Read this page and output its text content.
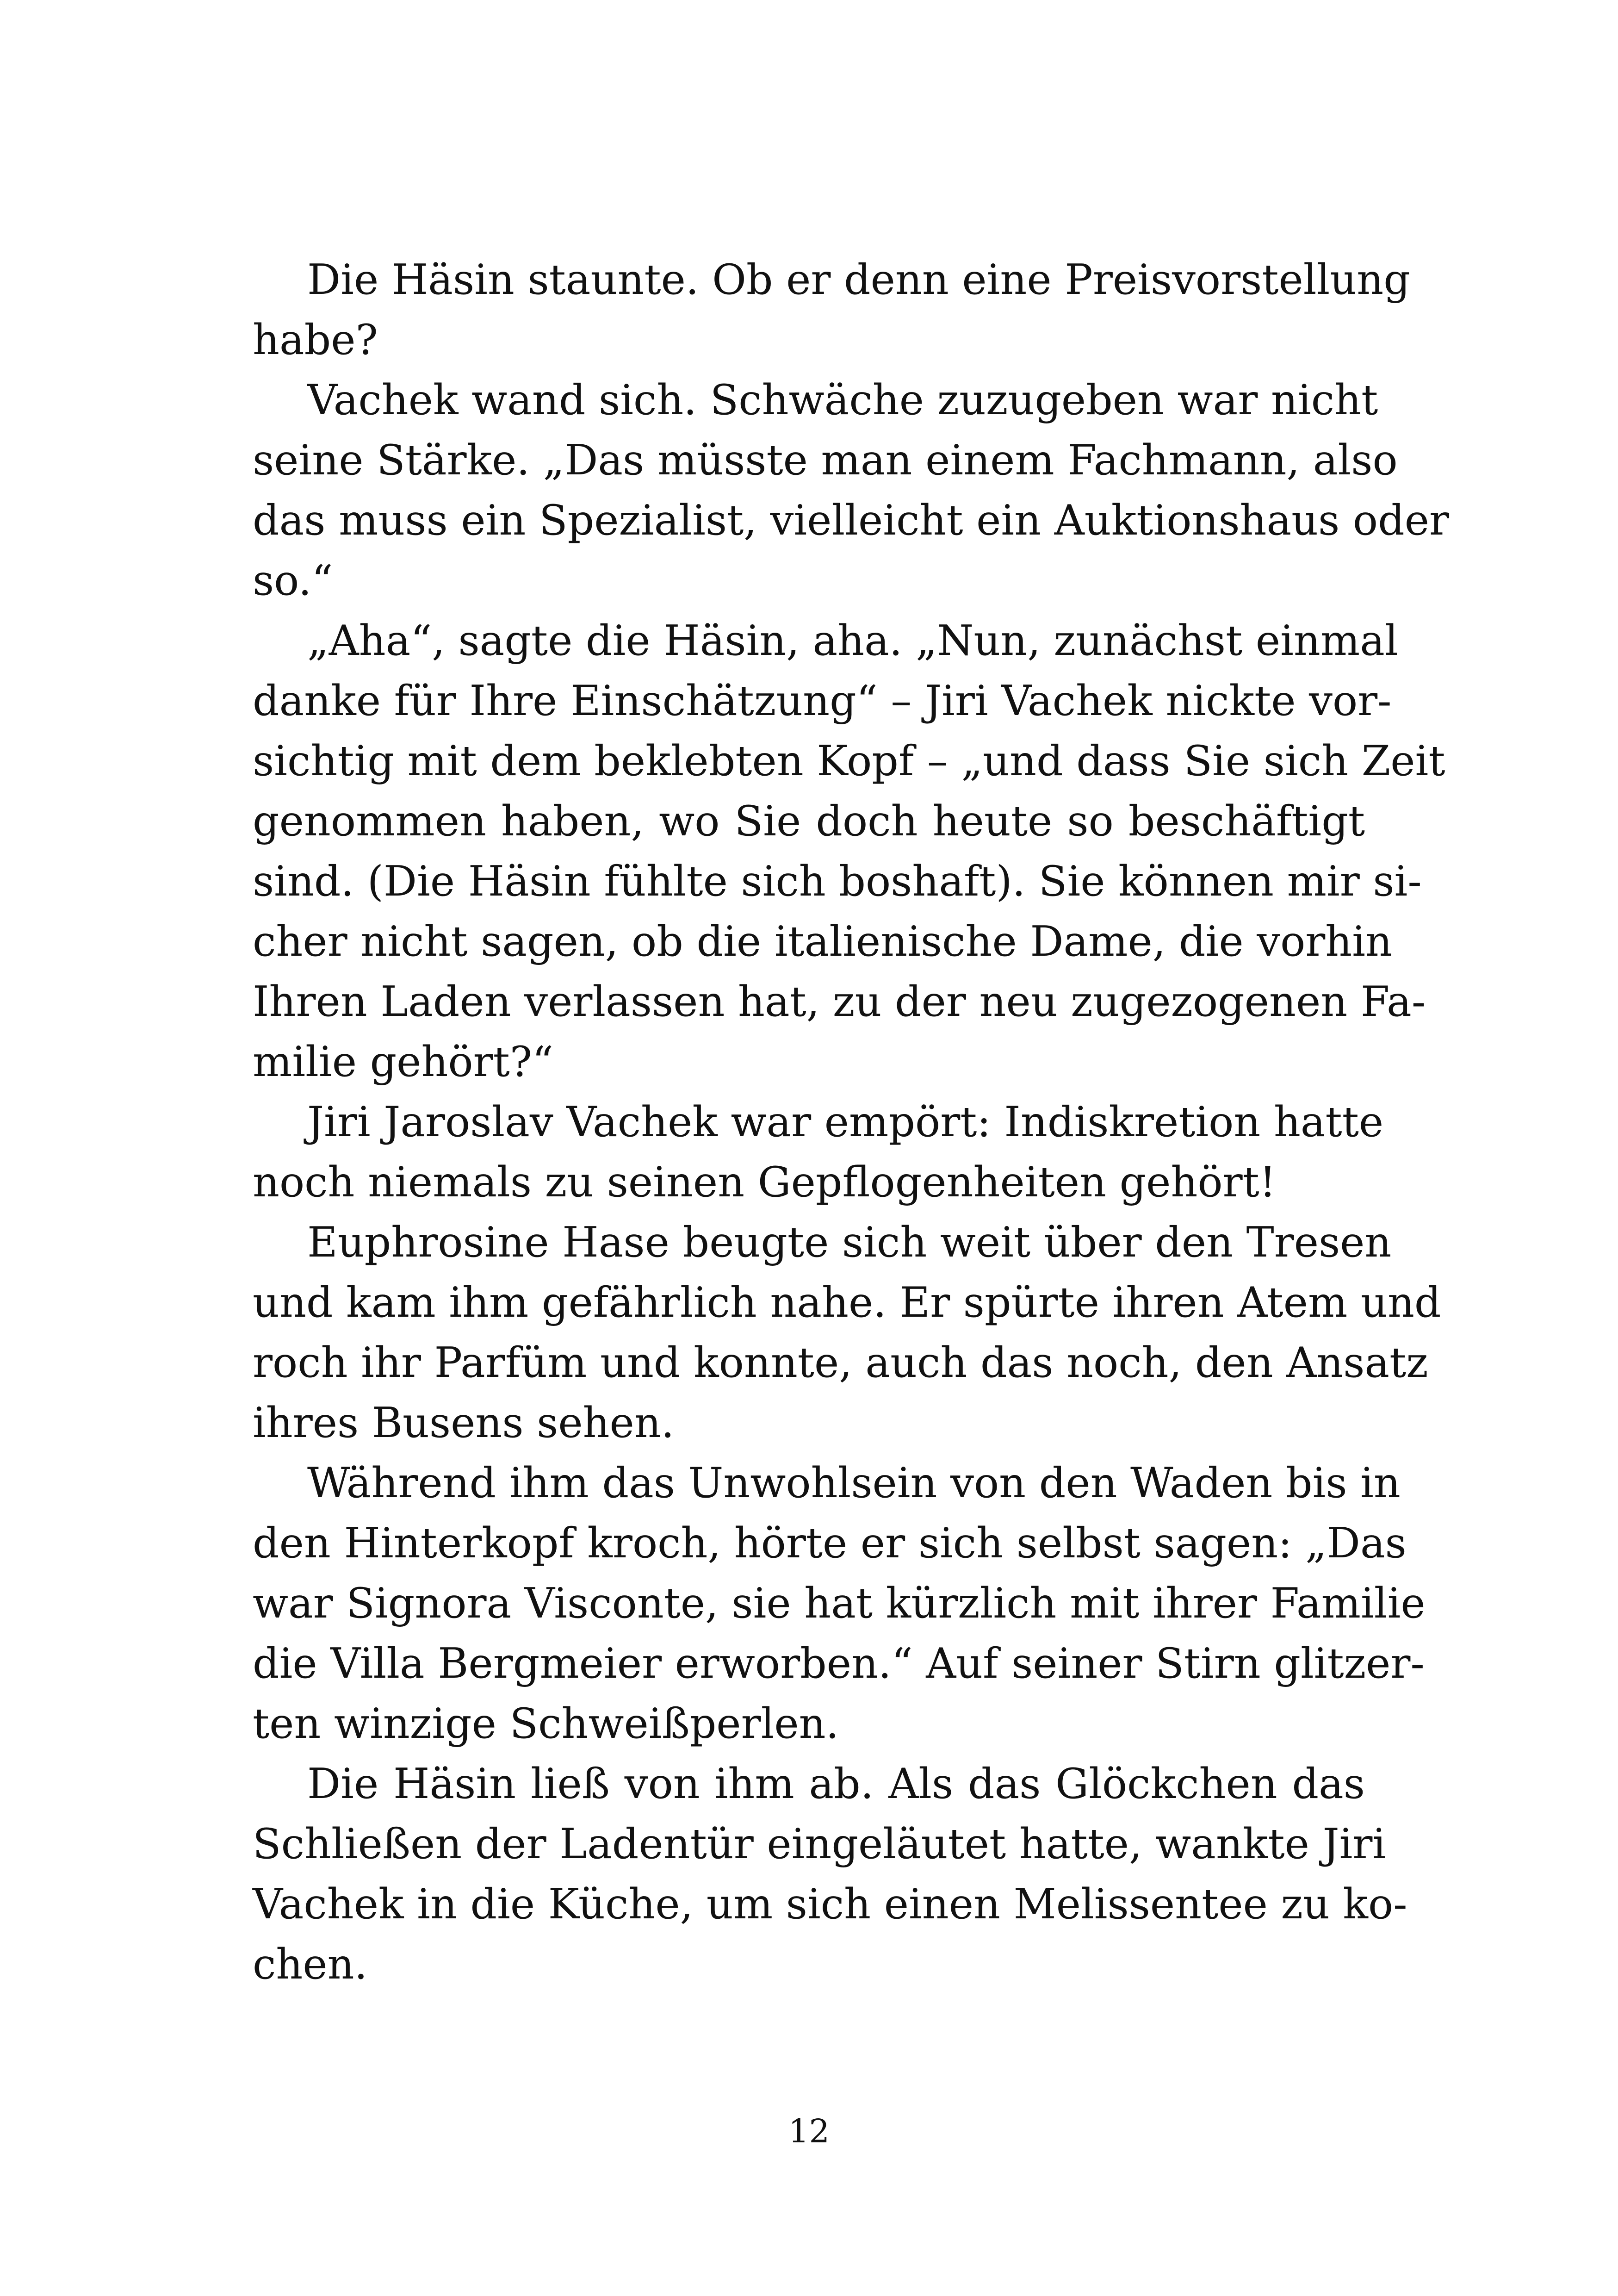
Die Häsin staunte. Ob er denn eine Preisvorstellung
habe?
Vachek wand sich. Schwäche zuzugeben war nicht
seine Stärke. „Das müsste man einem Fachmann, also
das muss ein Spezialist, vielleicht ein Auktionshaus oder
so.“
„Aha“, sagte die Häsin, aha. „Nun, zunächst einmal
danke für Ihre Einschätzung“ – Jiri Vachek nickte vor-
sichtig mit dem beklebten Kopf – „und dass Sie sich Zeit
genommen haben, wo Sie doch heute so beschäftigt
sind. (Die Häsin fühlte sich boshaft). Sie können mir si-
cher nicht sagen, ob die italienische Dame, die vorhin
Ihren Laden verlassen hat, zu der neu zugezogenen Fa-
milie gehört?“
Jiri Jaroslav Vachek war empört: Indiskretion hatte
noch niemals zu seinen Gepflogenheiten gehört!
Euphrosine Hase beugte sich weit über den Tresen
und kam ihm gefährlich nahe. Er spürte ihren Atem und
roch ihr Parfüm und konnte, auch das noch, den Ansatz
ihres Busens sehen.
Während ihm das Unwohlsein von den Waden bis in
den Hinterkopf kroch, hörte er sich selbst sagen: „Das
war Signora Visconte, sie hat kürzlich mit ihrer Familie
die Villa Bergmeier erworben.“ Auf seiner Stirn glitzer-
ten winzige Schweißperlen.
Die Häsin ließ von ihm ab. Als das Glöckchen das
Schließen der Ladentür eingeläutet hatte, wankte Jiri
Vachek in die Küche, um sich einen Melissentee zu ko-
chen.
12
